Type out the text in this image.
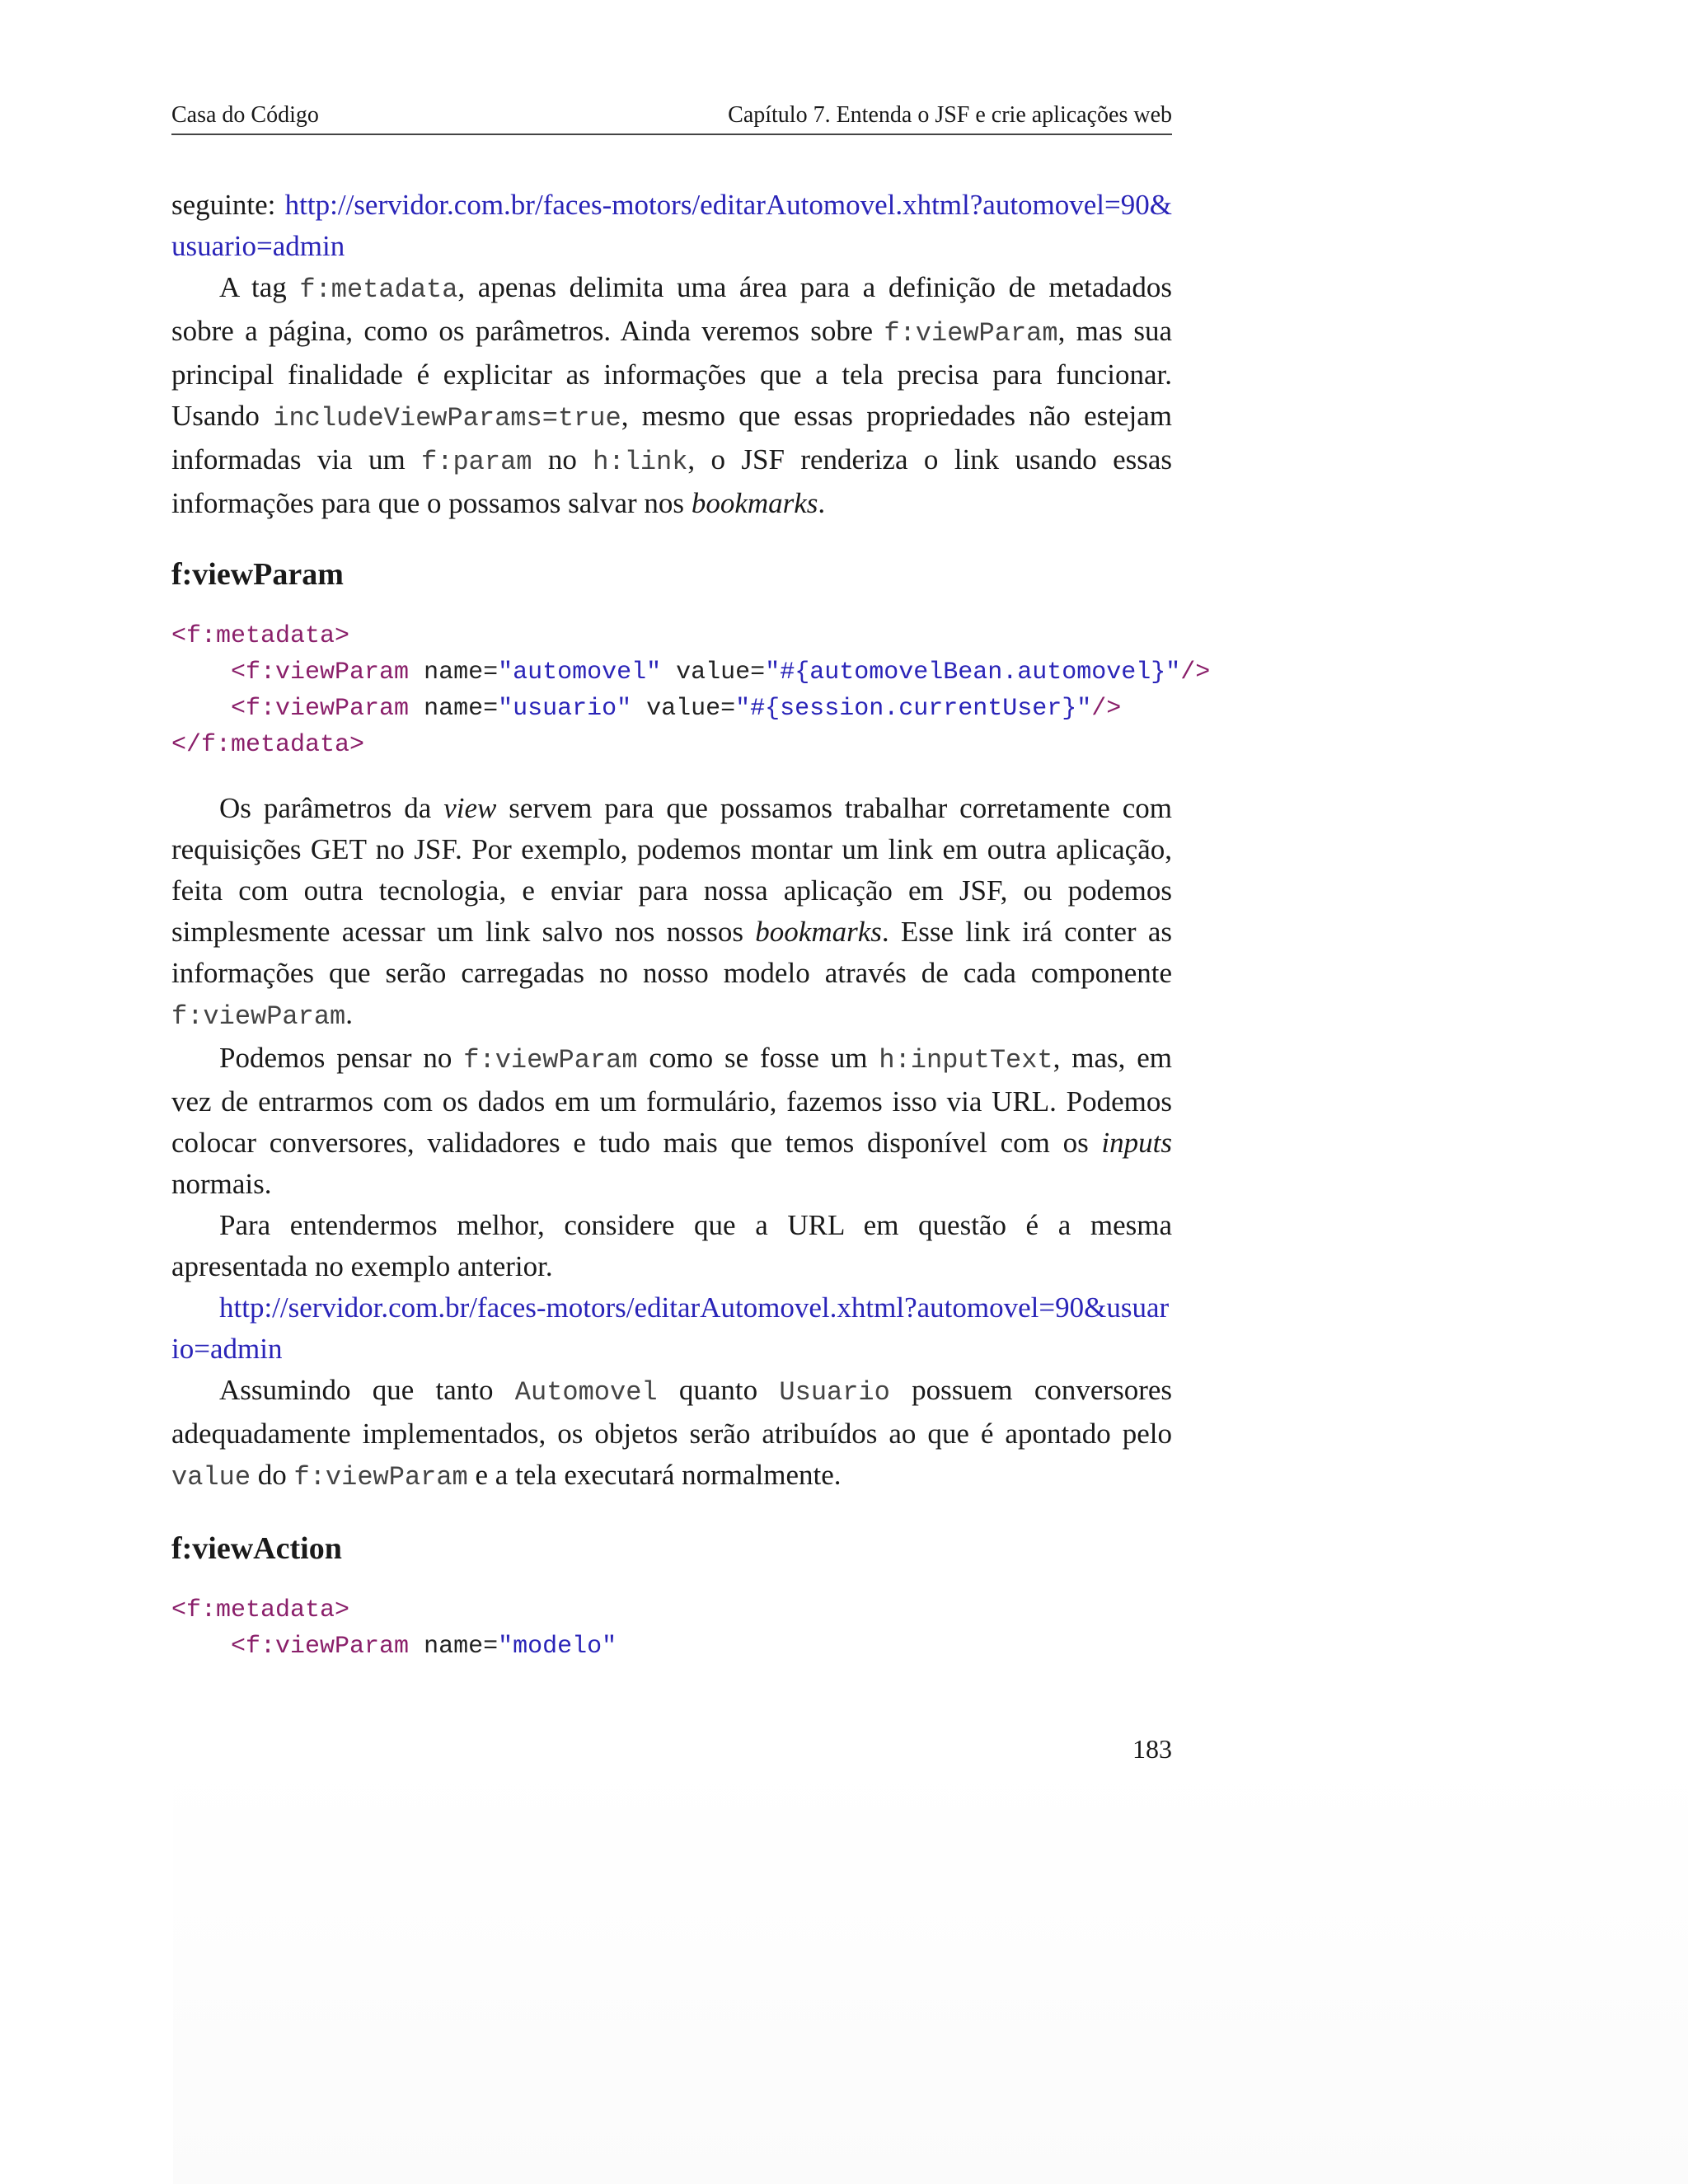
Casa do Código	Capítulo 7. Entenda o JSF e crie aplicações web

seguinte: http://servidor.com.br/faces-motors/editarAutomovel.xhtml?automovel=90&usuario=admin

A tag f:metadata, apenas delimita uma área para a definição de metadados sobre a página, como os parâmetros. Ainda veremos sobre f:viewParam, mas sua principal finalidade é explicitar as informações que a tela precisa para funcionar. Usando includeViewParams=true, mesmo que essas propriedades não estejam informadas via um f:param no h:link, o JSF renderiza o link usando essas informações para que o possamos salvar nos bookmarks.

f:viewParam
<f:metadata>
<f:viewParam name="automovel" value="#{automovelBean.automovel}"/>
<f:viewParam name="usuario" value="#{session.currentUser}"/>
</f:metadata>

Os parâmetros da view servem para que possamos trabalhar corretamente com requisições GET no JSF. Por exemplo, podemos montar um link em outra aplicação, feita com outra tecnologia, e enviar para nossa aplicação em JSF, ou podemos simplesmente acessar um link salvo nos nossos bookmarks. Esse link irá conter as informações que serão carregadas no nosso modelo através de cada componente f:viewParam.

Podemos pensar no f:viewParam como se fosse um h:inputText, mas, em vez de entrarmos com os dados em um formulário, fazemos isso via URL. Podemos colocar conversores, validadores e tudo mais que temos disponível com os inputs normais.

Para entendermos melhor, considere que a URL em questão é a mesma apresentada no exemplo anterior.

http://servidor.com.br/faces-motors/editarAutomovel.xhtml?automovel=90&usuario=admin

Assumindo que tanto Automovel quanto Usuario possuem conversores adequadamente implementados, os objetos serão atribuídos ao que é apontado pelo value do f:viewParam e a tela executará normalmente.

f:viewAction
<f:metadata>
<f:viewParam name="modelo"
183
